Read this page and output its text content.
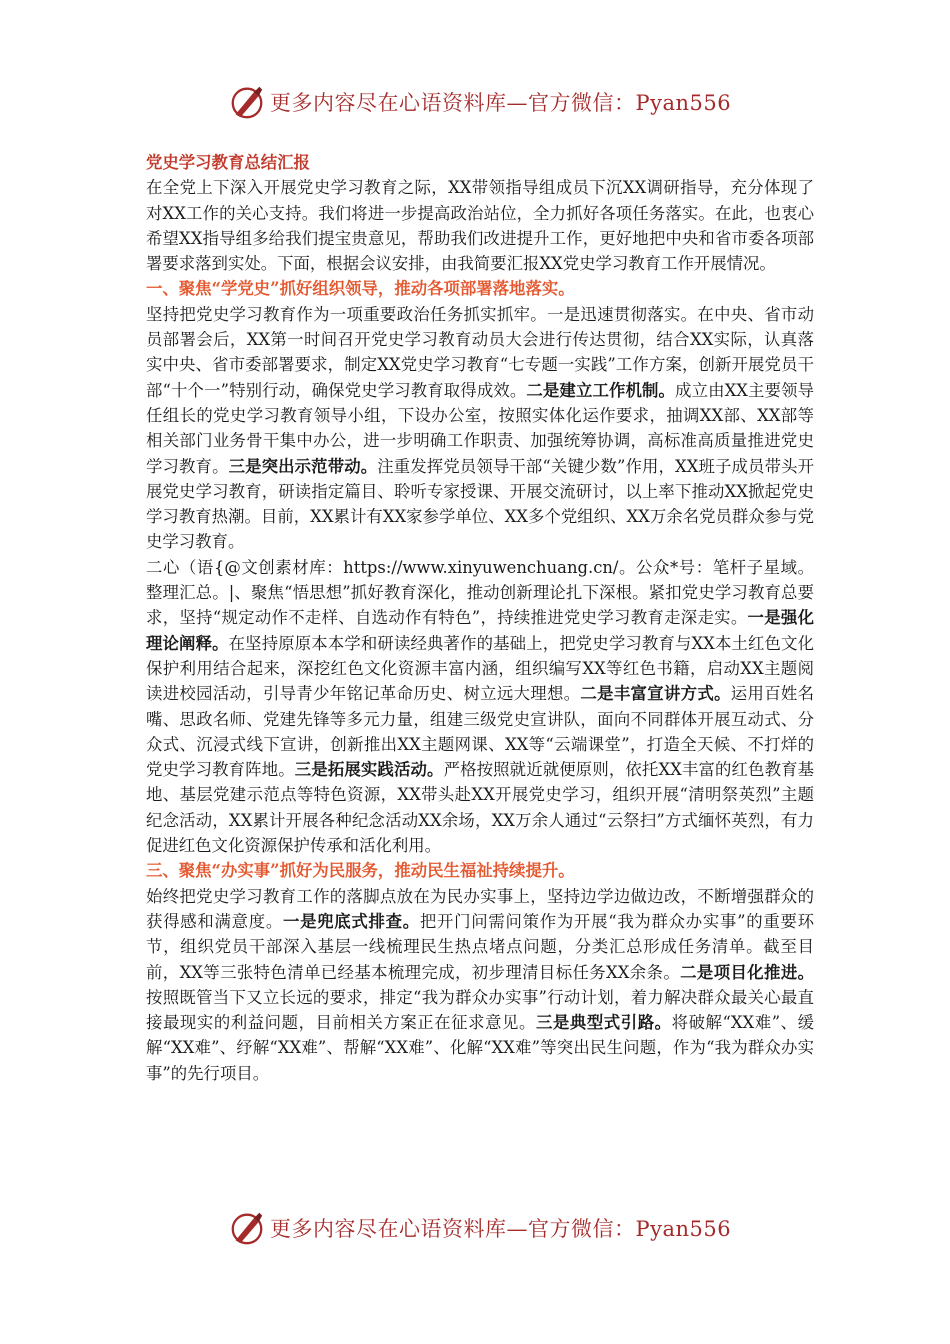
更多内容尽在心语资料库—官方微信：Pyan556

党史学习教育总结汇报

在全党上下深入开展党史学习教育之际，XX带领指导组成员下沉XX调研指导，充分体现了对XX工作的关心支持。我们将进一步提高政治站位，全力抓好各项任务落实。在此，也衷心希望XX指导组多给我们提宝贵意见，帮助我们改进提升工作，更好地把中央和省市委各项部署要求落到实处。下面，根据会议安排，由我简要汇报XX党史学习教育工作开展情况。

一、聚焦“学党史”抓好组织领导，推动各项部署落地落实。

坚持把党史学习教育作为一项重要政治任务抓实抓牢。一是迅速贯彻落实。在中央、省市动员部署会后，XX第一时间召开党史学习教育动员大会进行传达贯彻，结合XX实际，认真落实中央、省市委部署要求，制定XX党史学习教育“七专题一实践”工作方案，创新开展党员干部“十个一”特别行动，确保党史学习教育取得成效。二是建立工作机制。成立由XX主要领导任组长的党史学习教育领导小组，下设办公室，按照实体化运作要求，抽调XX部、XX部等相关部门业务骨干集中办公，进一步明确工作职责、加强统筹协调，高标准高质量推进党史学习教育。三是突出示范带动。注重发挥党员领导干部“关键少数”作用，XX班子成员带头开展党史学习教育，研读指定篇目、聆听专家授课、开展交流研讨，以上率下推动XX掀起党史学习教育热潮。目前，XX累计有XX家参学单位、XX多个党组织、XX万余名党员群众参与党史学习教育。

二心（语{@文创素材库：https://www.xinyuwenchuang.cn/。公众*号：笔杆子星域。整理汇总。|、聚焦“悟思想”抓好教育深化，推动创新理论扎下深根。紧扣党史学习教育总要求，坚持“规定动作不走样、自选动作有特色”，持续推进党史学习教育走深走实。一是强化理论阐释。在坚持原原本本学和研读经典著作的基础上，把党史学习教育与XX本土红色文化保护利用结合起来，深挖红色文化资源丰富内涵，组织编写XX等红色书籍，启动XX主题阅读进校园活动，引导青少年铭记革命历史、树立远大理想。二是丰富宣讲方式。运用百姓名嘴、思政名师、党建先锋等多元力量，组建三级党史宣讲队，面向不同群体开展互动式、分众式、沉浸式线下宣讲，创新推出XX主题网课、XX等“云端课堂”，打造全天候、不打烊的党史学习教育阵地。三是拓展实践活动。严格按照就近就便原则，依托XX丰富的红色教育基地、基层党建示范点等特色资源，XX带头赴XX开展党史学习，组织开展“清明祭英烈”主题纪念活动，XX累计开展各种纪念活动XX余场，XX万余人通过“云祭扫”方式缅怀英烈，有力促进红色文化资源保护传承和活化利用。

三、聚焦“办实事”抓好为民服务，推动民生福祉持续提升。

始终把党史学习教育工作的落脚点放在为民办实事上，坚持边学边做边改，不断增强群众的获得感和满意度。一是兜底式排查。把开门问需问策作为开展“我为群众办实事”的重要环节，组织党员干部深入基层一线梳理民生热点堵点问题，分类汇总形成任务清单。截至目前，XX等三张特色清单已经基本梳理完成，初步理清目标任务XX余条。二是项目化推进。按照既管当下又立长远的要求，排定“我为群众办实事”行动计划，着力解决群众最关心最直接最现实的利益问题，目前相关方案正在征求意见。三是典型式引路。将破解“XX难”、缓解“XX难”、纾解“XX难”、帮解“XX难”、化解“XX难”等突出民生问题，作为“我为群众办实事”的先行项目。

更多内容尽在心语资料库—官方微信：Pyan556
